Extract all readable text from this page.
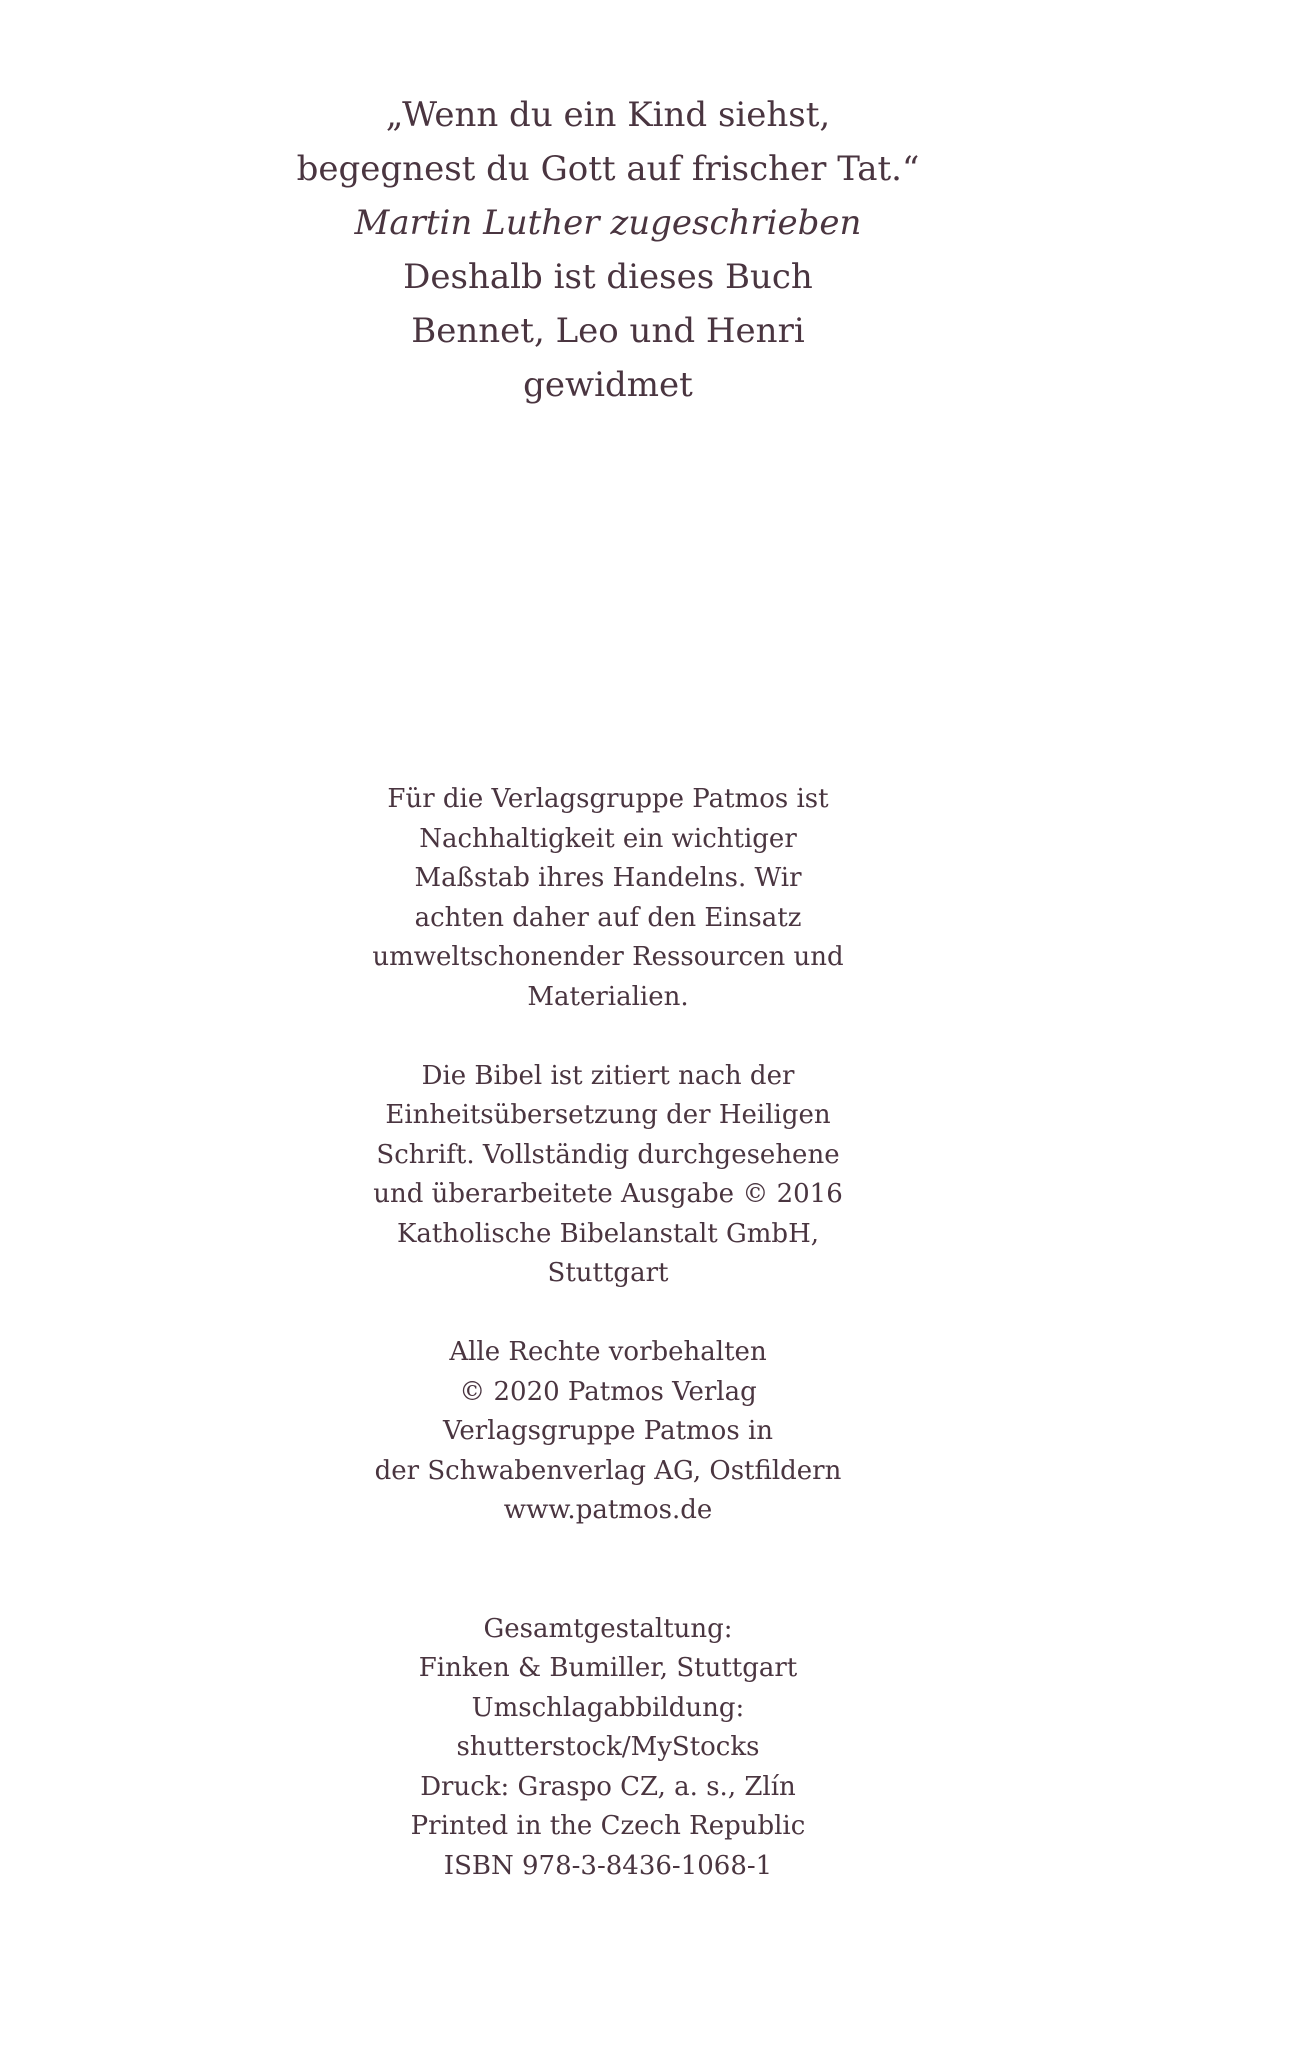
„Wenn du ein Kind siehst,
begegnest du Gott auf frischer Tat.“
Martin Luther zugeschrieben
Deshalb ist dieses Buch
Bennet, Leo und Henri
gewidmet
Für die Verlagsgruppe Patmos ist
Nachhaltigkeit ein wichtiger
Maßstab ihres Handelns. Wir
achten daher auf den Einsatz
umweltschonender Ressourcen und
Materialien.
Die Bibel ist zitiert nach der
Einheitsübersetzung der Heiligen
Schrift. Vollständig durchgesehene
und überarbeitete Ausgabe © 2016
Katholische Bibelanstalt GmbH,
Stuttgart
Alle Rechte vorbehalten
© 2020 Patmos Verlag
Verlagsgruppe Patmos in
der Schwabenverlag AG, Ostfildern
www.patmos.de
Gesamtgestaltung:
Finken & Bumiller, Stuttgart
Umschlagabbildung:
shutterstock/MyStocks
Druck: Graspo CZ, a. s., Zlín
Printed in the Czech Republic
ISBN 978-3-8436-1068-1
